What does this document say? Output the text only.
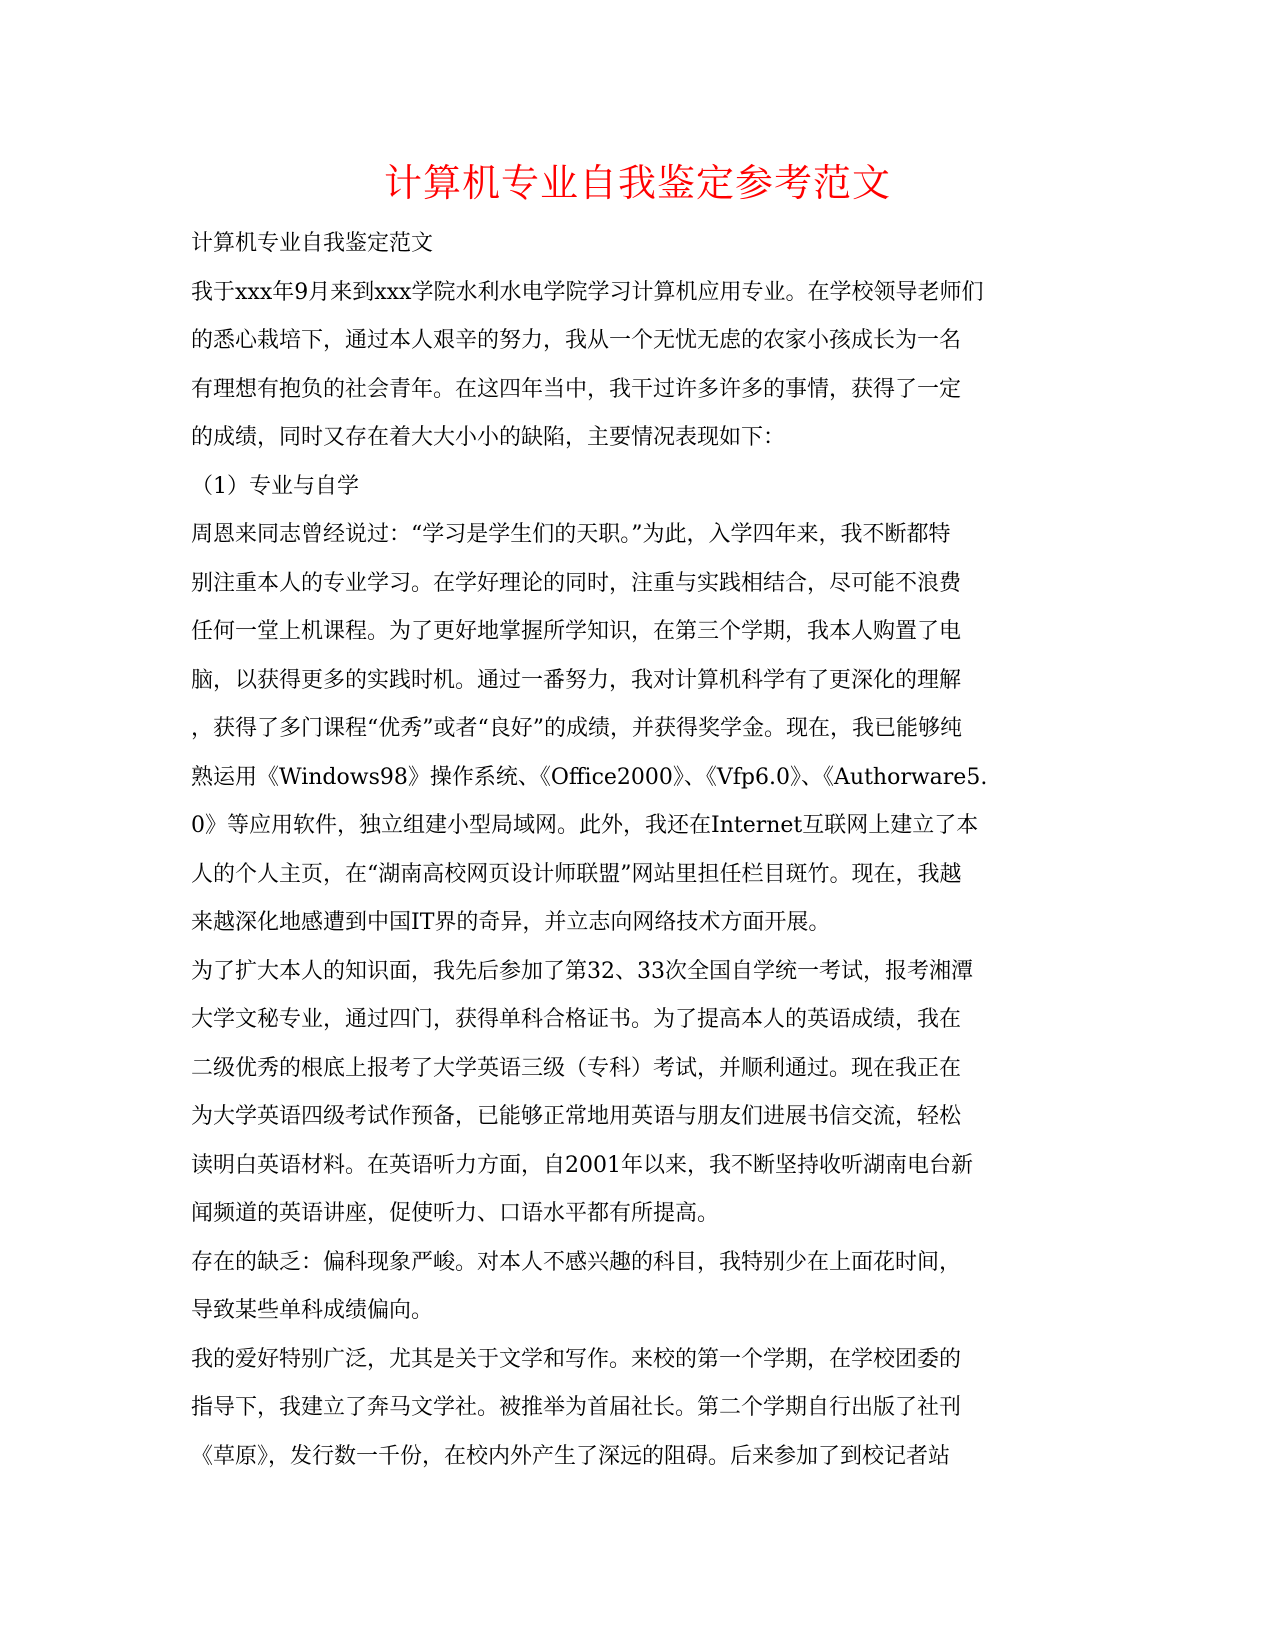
计算机专业自我鉴定参考范文
计算机专业自我鉴定范文
我于xxx年9月来到xxx学院水利水电学院学习计算机应用专业。在学校领导老师们
的悉心栽培下，通过本人艰辛的努力，我从一个无忧无虑的农家小孩成长为一名
有理想有抱负的社会青年。在这四年当中，我干过许多许多的事情，获得了一定
的成绩，同时又存在着大大小小的缺陷，主要情况表现如下：
（1）专业与自学
周恩来同志曾经说过：“学习是学生们的天职。”为此，入学四年来，我不断都特
别注重本人的专业学习。在学好理论的同时，注重与实践相结合，尽可能不浪费
任何一堂上机课程。为了更好地掌握所学知识，在第三个学期，我本人购置了电
脑，以获得更多的实践时机。通过一番努力，我对计算机科学有了更深化的理解
，获得了多门课程“优秀”或者“良好”的成绩，并获得奖学金。现在，我已能够纯
熟运用《Windows98》操作系统、《Office2000》、《Vfp6.0》、《Authorware5.
0》等应用软件，独立组建小型局域网。此外，我还在Internet互联网上建立了本
人的个人主页，在“湖南高校网页设计师联盟”网站里担任栏目斑竹。现在，我越
来越深化地感遭到中国IT界的奇异，并立志向网络技术方面开展。
为了扩大本人的知识面，我先后参加了第32、33次全国自学统一考试，报考湘潭
大学文秘专业，通过四门，获得单科合格证书。为了提高本人的英语成绩，我在
二级优秀的根底上报考了大学英语三级（专科）考试，并顺利通过。现在我正在
为大学英语四级考试作预备，已能够正常地用英语与朋友们进展书信交流，轻松
读明白英语材料。在英语听力方面，自2001年以来，我不断坚持收听湖南电台新
闻频道的英语讲座，促使听力、口语水平都有所提高。
存在的缺乏：偏科现象严峻。对本人不感兴趣的科目，我特别少在上面花时间，
导致某些单科成绩偏向。
我的爱好特别广泛，尤其是关于文学和写作。来校的第一个学期，在学校团委的
指导下，我建立了奔马文学社。被推举为首届社长。第二个学期自行出版了社刊
《草原》，发行数一千份，在校内外产生了深远的阻碍。后来参加了到校记者站
